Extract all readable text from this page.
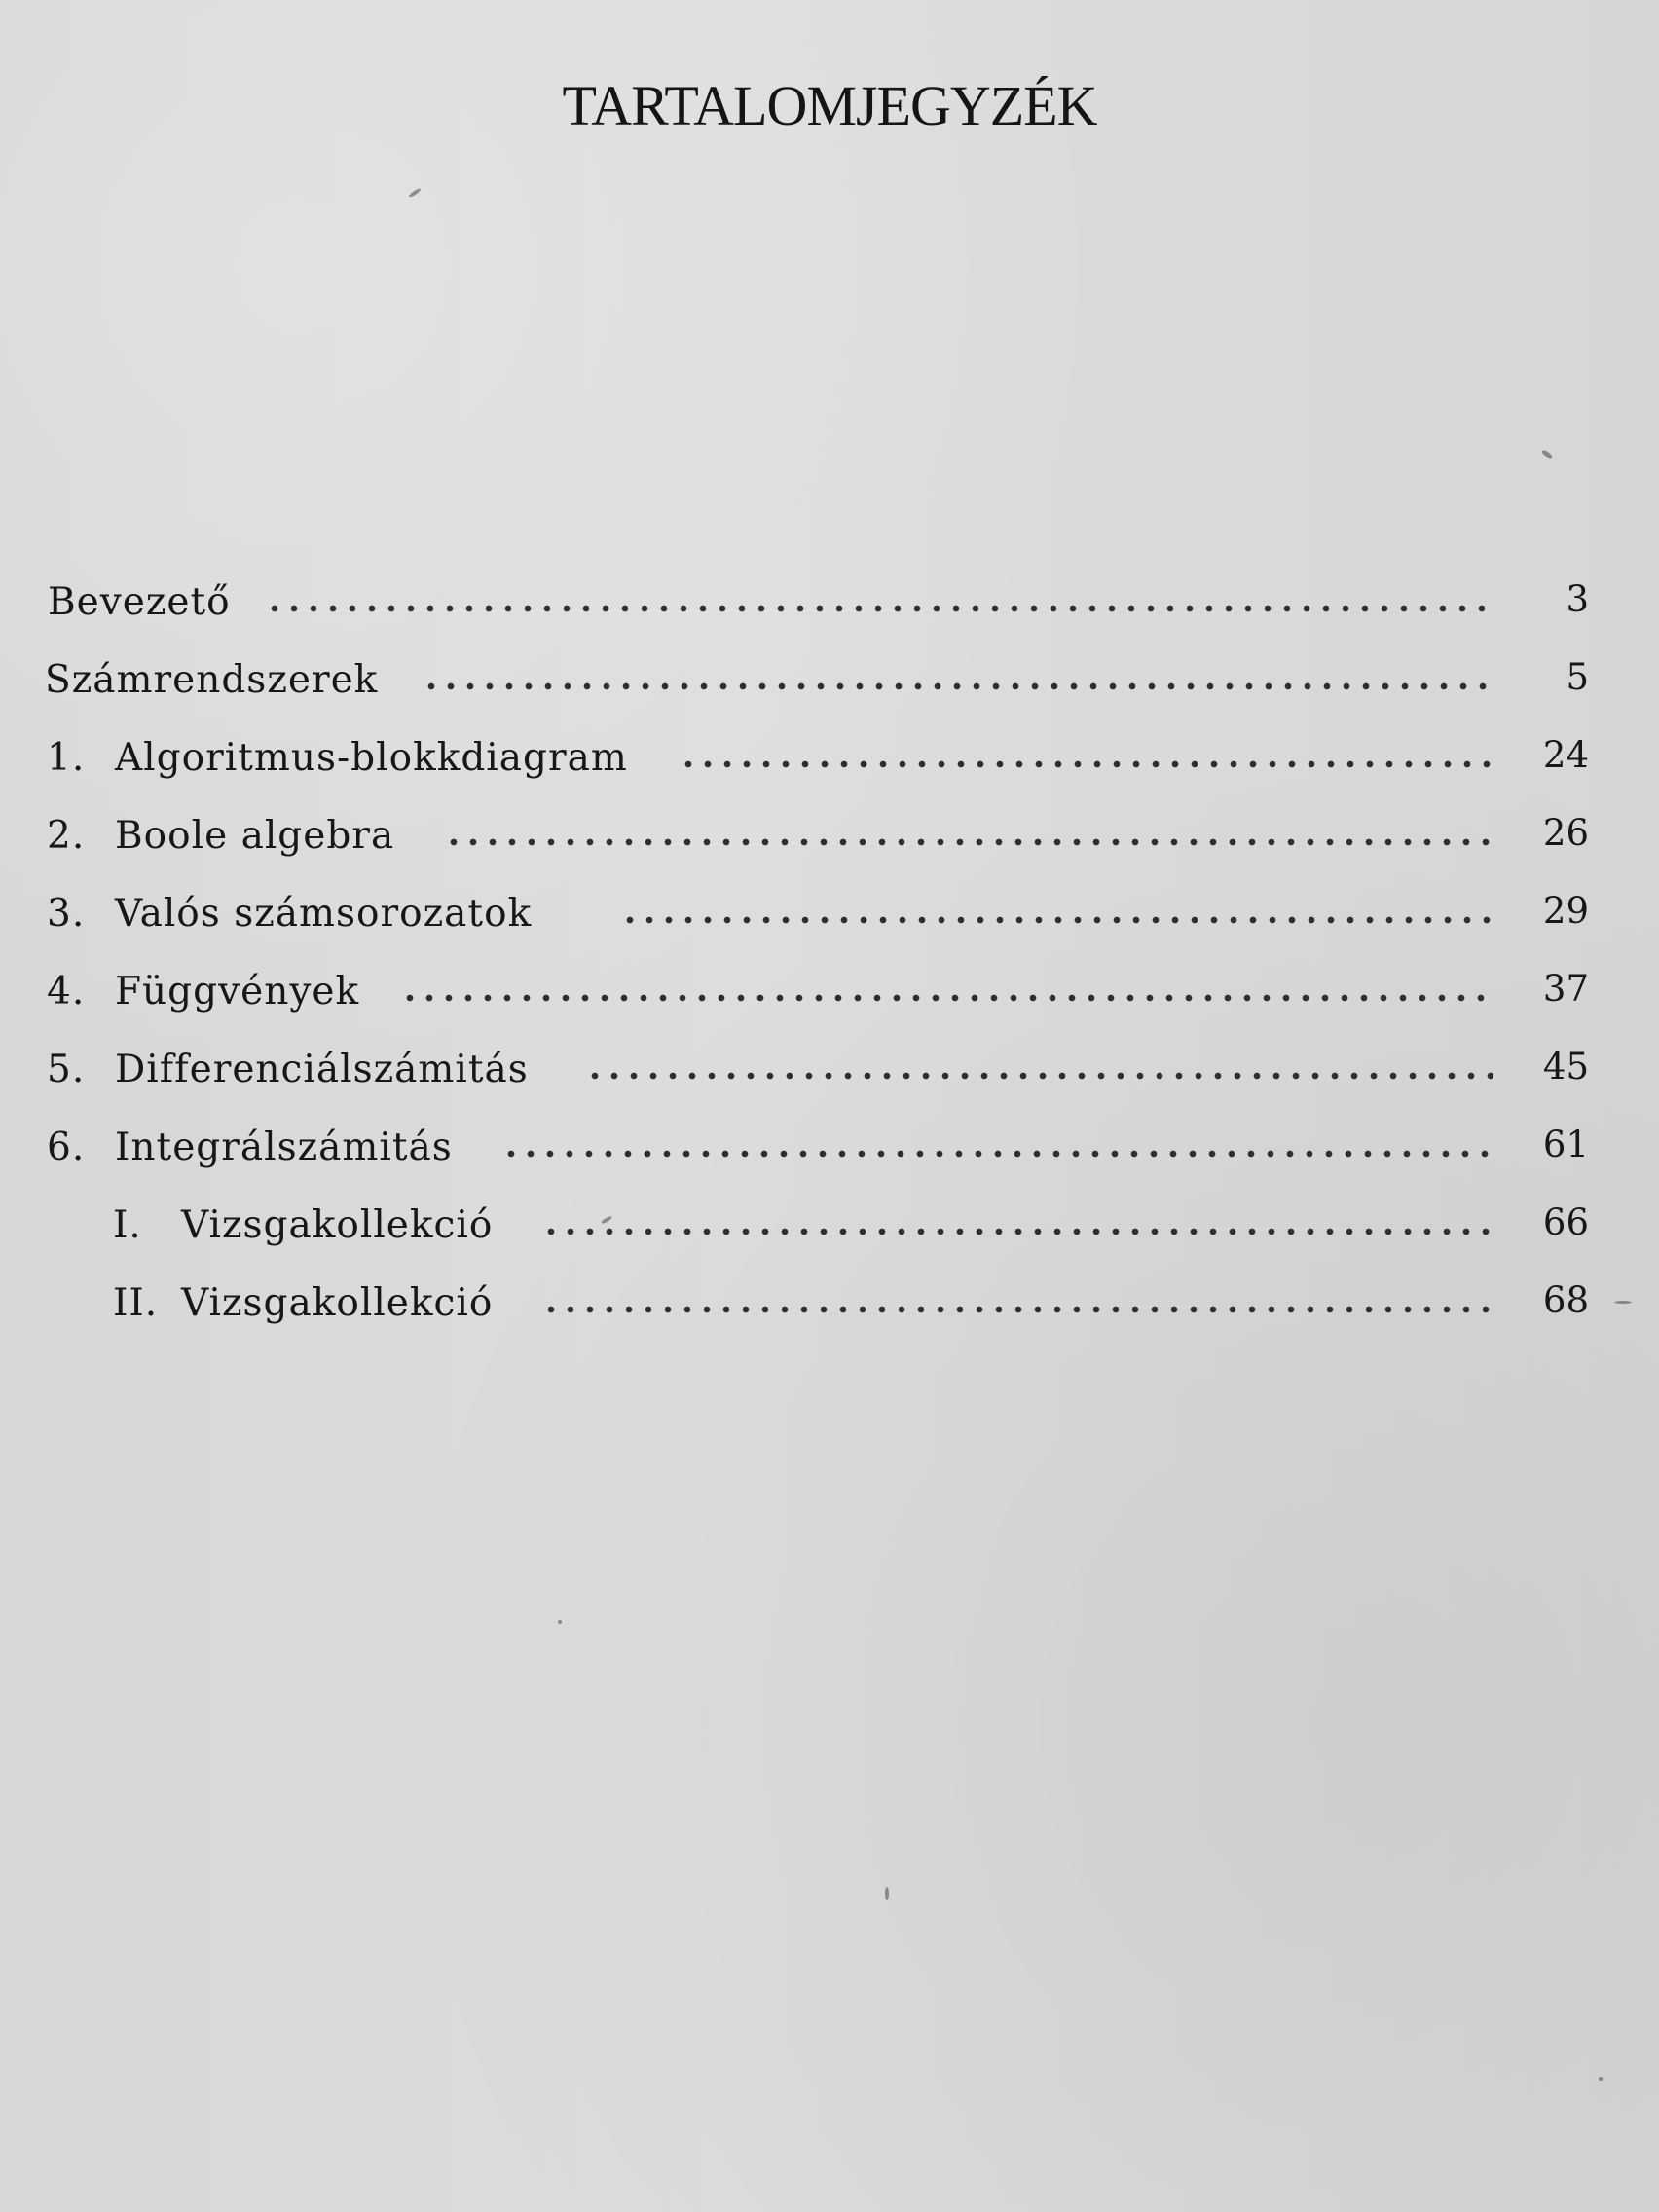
TARTALOMJEGYZÉK
Bevezető	3
Számrendszerek	5
1. Algoritmus-blokkdiagram	24
2. Boole algebra	26
3. Valós számsorozatok	29
4. Függvények	37
5. Differenciálszámitás	45
6. Integrálszámitás	61
I. Vizsgakollekció	66
II. Vizsgakollekció	68
